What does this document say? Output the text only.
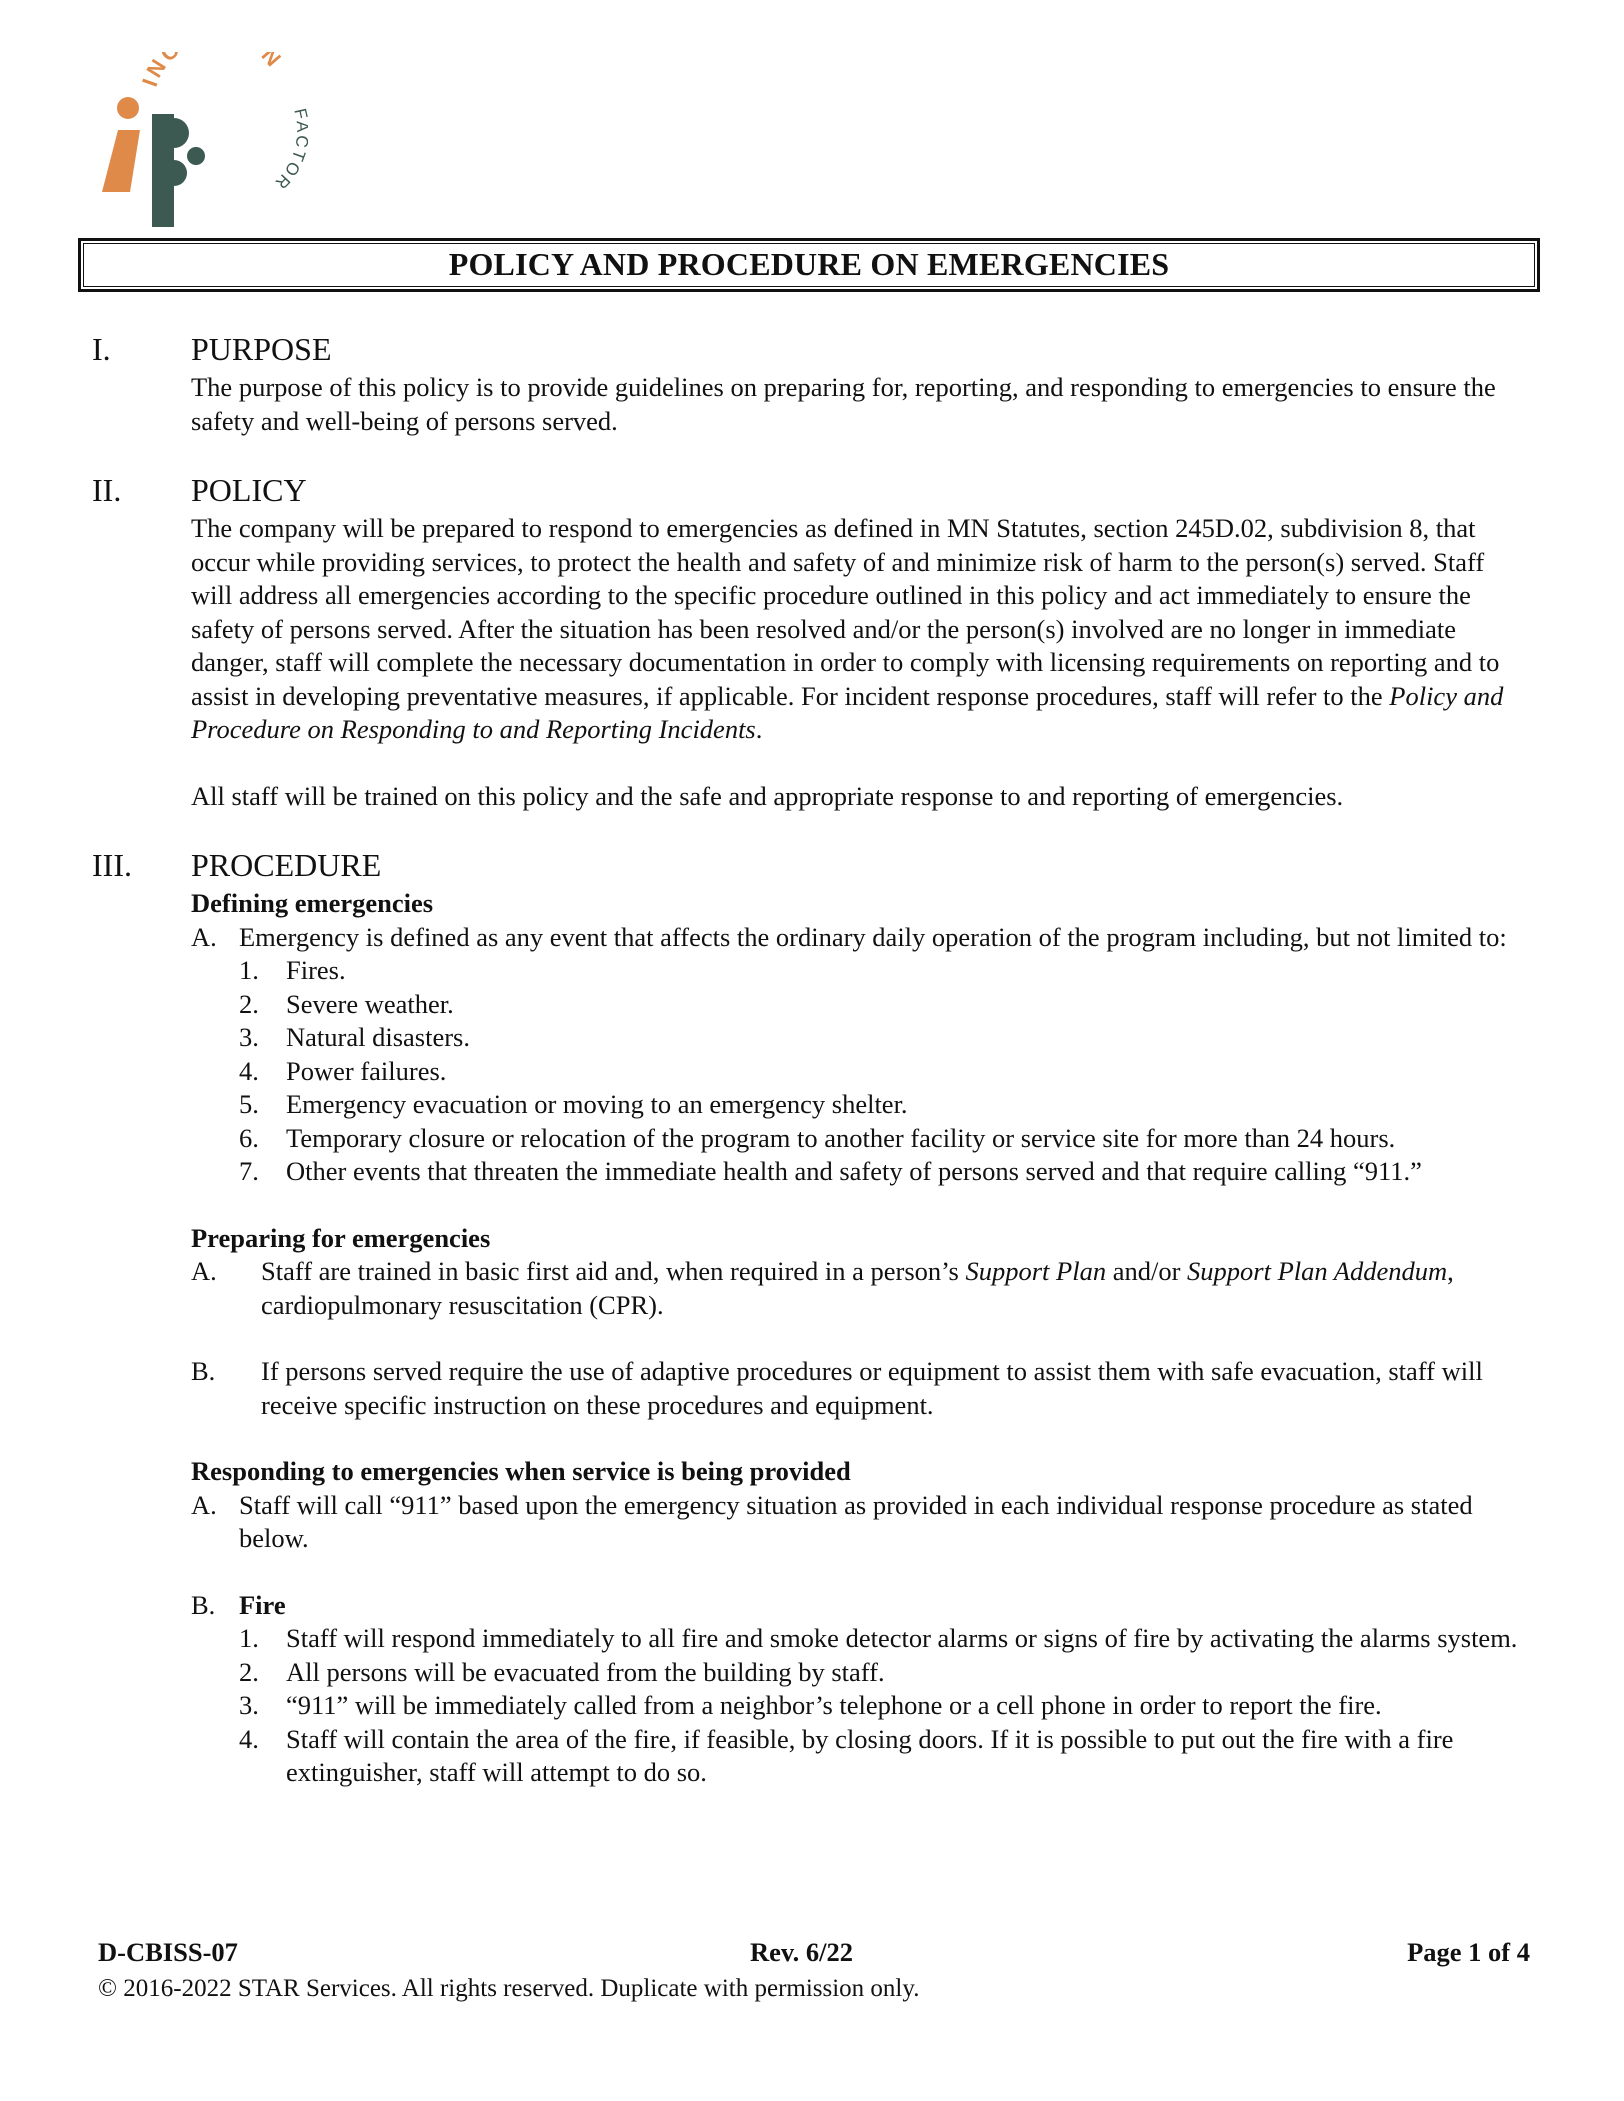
IN N
TOR
POLICY AND PROCEDURE ON EMERGENCIES
I.	PURPOSE
The purpose of this policy is to provide guidelines on preparing for, reporting, and responding to emergencies to ensure the safety and well-being of persons served.
II. POLICY
The company will be prepared to respond to emergencies as defined in MN Statutes, section 245D.02, subdivision 8, that occur while providing services, to protect the health and safety of and minimize risk of harm to the person(s) served. Staff will address all emergencies according to the specific procedure outlined in this policy and act immediately to ensure the safety of persons served. After the situation has been resolved and/or the person(s) involved are no longer in immediate danger, staff will complete the necessary documentation in order to comply with licensing requirements on reporting and to assist in developing preventative measures, if applicable. For incident response procedures, staff will refer to the Policy and Procedure on Responding to and Reporting Incidents.
All staff will be trained on this policy and the safe and appropriate response to and reporting of emergencies.
III. PROCEDURE
Defining emergencies
A. Emergency is defined as any event that affects the ordinary daily operation of the program including, but not limited to:
1. Fires.
2. Severe weather.
3. Natural disasters.
4. Power failures.
5. Emergency evacuation or moving to an emergency shelter.
6. Temporary closure or relocation of the program to another facility or service site for more than 24 hours.
7. Other events that threaten the immediate health and safety of persons served and that require calling “911.”
Preparing for emergencies
A. Staff are trained in basic first aid and, when required in a person’s Support Plan and/or Support Plan Addendum, cardiopulmonary resuscitation (CPR).
B. If persons served require the use of adaptive procedures or equipment to assist them with safe evacuation, staff will receive specific instruction on these procedures and equipment.
Responding to emergencies when service is being provided
A. Staff will call “911” based upon the emergency situation as provided in each individual response procedure as stated below.
B. Fire
1. Staff will respond immediately to all fire and smoke detector alarms or signs of fire by activating the alarms system.
2. All persons will be evacuated from the building by staff.
3. “911” will be immediately called from a neighbor’s telephone or a cell phone in order to report the fire.
4. Staff will contain the area of the fire, if feasible, by closing doors. If it is possible to put out the fire with a fire extinguisher, staff will attempt to do so.
D-CBISS-07	Rev. 6/22	Page 1 of 4
© 2016-2022 STAR Services. All rights reserved. Duplicate with permission only.
